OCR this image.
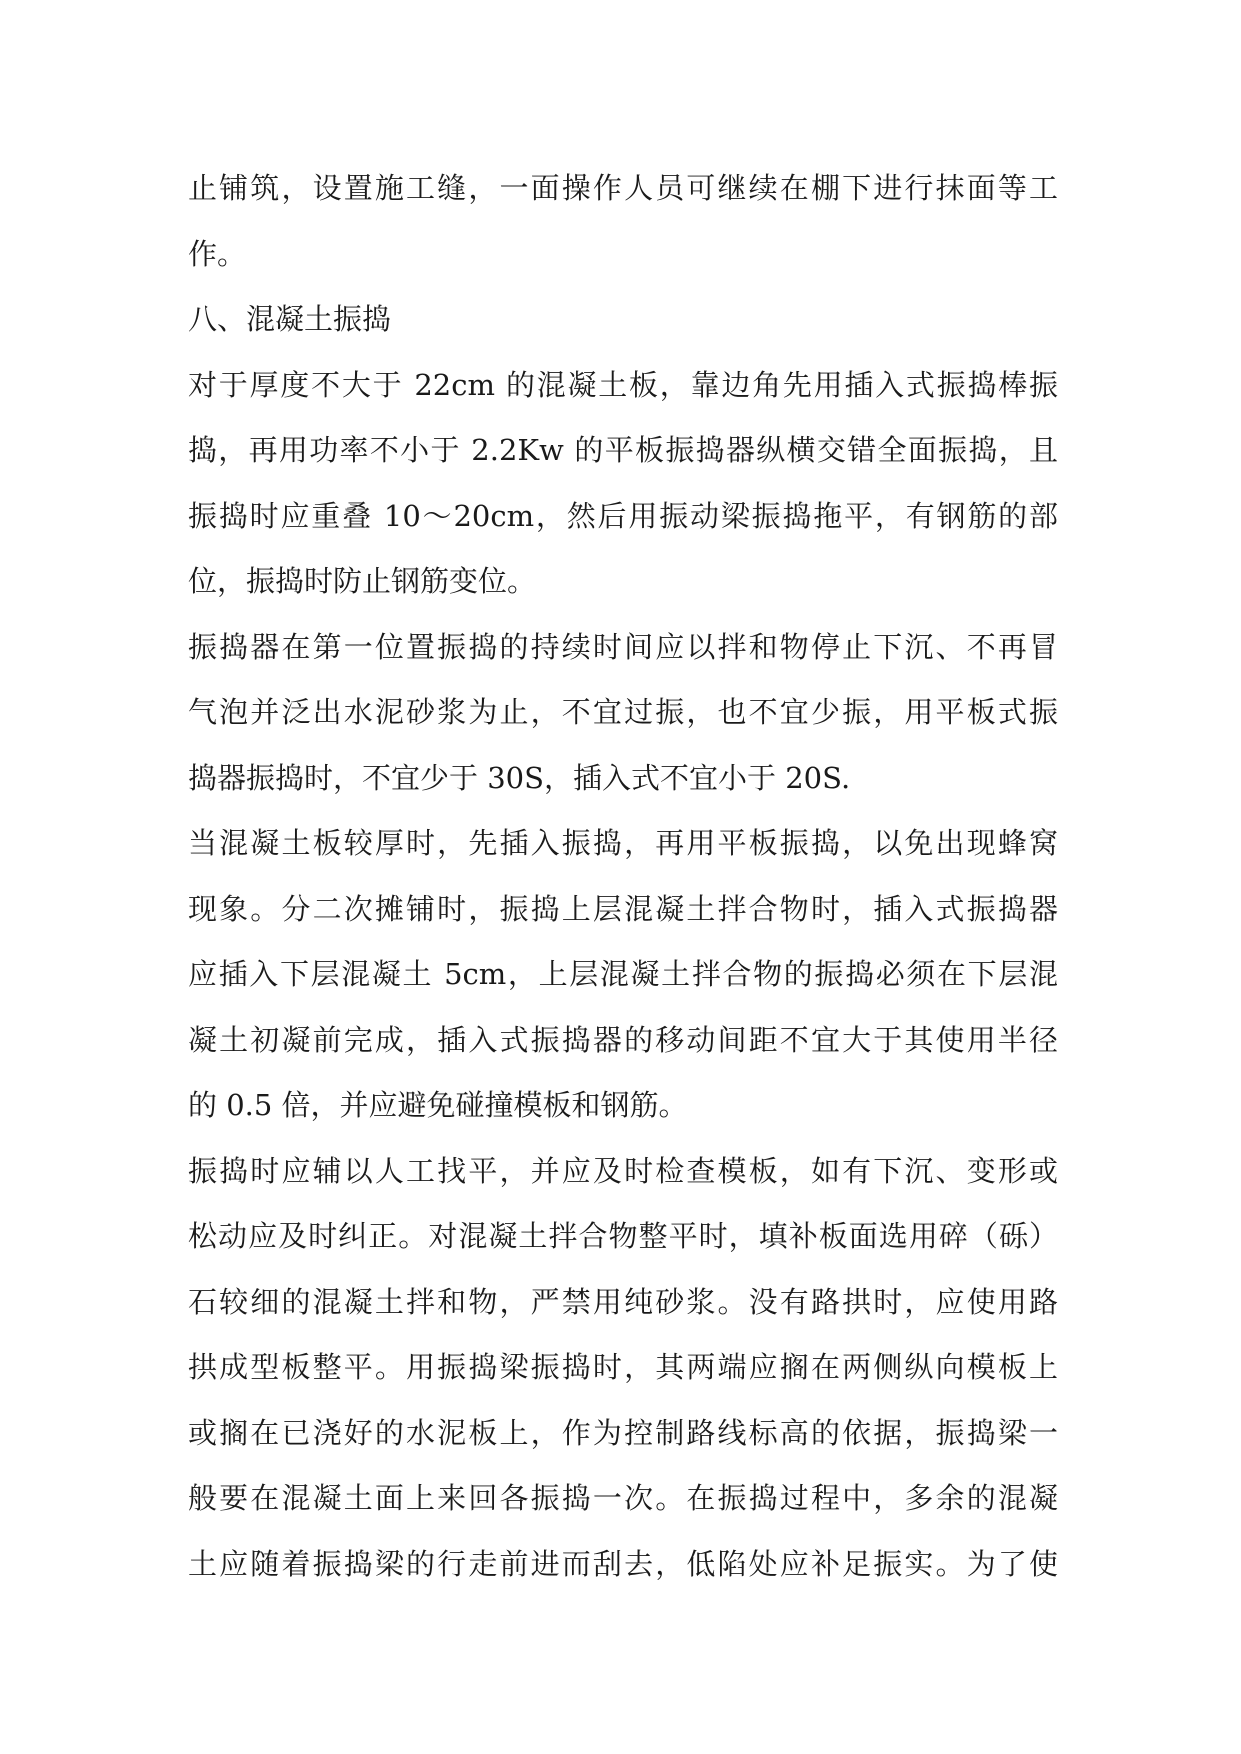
止铺筑，设置施工缝，一面操作人员可继续在棚下进行抹面等工
作。
八、混凝土振捣
对于厚度不大于 22cm 的混凝土板，靠边角先用插入式振捣棒振
捣，再用功率不小于 2.2Kw 的平板振捣器纵横交错全面振捣，且
振捣时应重叠 10～20cm，然后用振动梁振捣拖平，有钢筋的部
位，振捣时防止钢筋变位。
振捣器在第一位置振捣的持续时间应以拌和物停止下沉、不再冒
气泡并泛出水泥砂浆为止，不宜过振，也不宜少振，用平板式振
捣器振捣时，不宜少于 30S，插入式不宜小于 20S.
当混凝土板较厚时，先插入振捣，再用平板振捣，以免出现蜂窝
现象。分二次摊铺时，振捣上层混凝土拌合物时，插入式振捣器
应插入下层混凝土 5cm，上层混凝土拌合物的振捣必须在下层混
凝土初凝前完成，插入式振捣器的移动间距不宜大于其使用半径
的 0.5 倍，并应避免碰撞模板和钢筋。
振捣时应辅以人工找平，并应及时检查模板，如有下沉、变形或
松动应及时纠正。对混凝土拌合物整平时，填补板面选用碎（砾）
石较细的混凝土拌和物，严禁用纯砂浆。没有路拱时，应使用路
拱成型板整平。用振捣梁振捣时，其两端应搁在两侧纵向模板上
或搁在已浇好的水泥板上，作为控制路线标高的依据，振捣梁一
般要在混凝土面上来回各振捣一次。在振捣过程中，多余的混凝
土应随着振捣梁的行走前进而刮去，低陷处应补足振实。为了使
